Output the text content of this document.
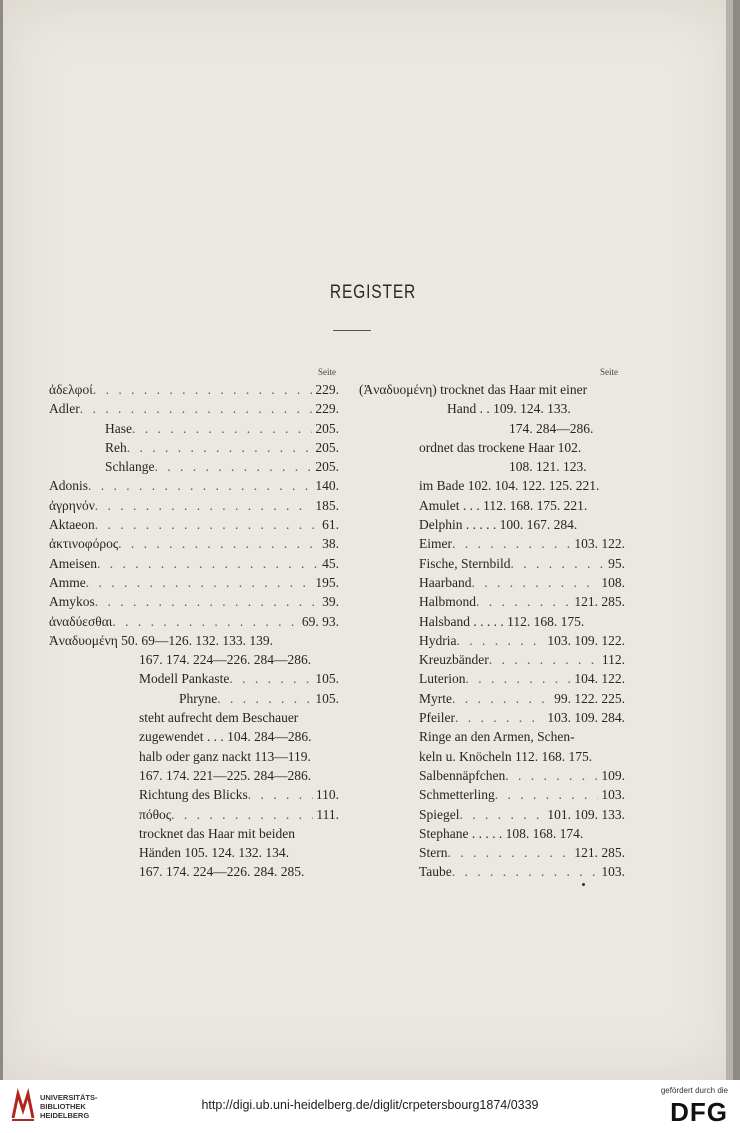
REGISTER
Seite	Seite
ἀδελφοί . . .	229.
Adler . . .	229.
Hase . . .	205.
Reh . . .	205.
Schlange . . .	205.
Adonis . . .	140.
ἀγρηνόν . . .	185.
Aktaeon . . .	61.
ἀκτινοφόρος . . .	38.
Ameisen . . .	45.
Amme . . .	195.
Amykos . . .	39.
ἀναδύεσθαι . . .	69. 93.
Ἀναδυομένη 50. 69—126. 132. 133. 139.
167. 174. 224—226. 284—286.
Modell Pankaste . . .	105.
Phryne . . .	105.
steht aufrecht dem Beschauer
zugewendet . . . 104. 284—286.
halb oder ganz nackt 113—119.
167. 174. 221—225. 284—286.
Richtung des Blicks . . .	110.
πόθος . . .	111.
trocknet das Haar mit beiden
Händen 105. 124. 132. 134.
167. 174. 224—226. 284. 285.
(Ἀναδυομένη) trocknet das Haar mit einer
Hand . . 109. 124. 133.
174. 284—286.
ordnet das trockene Haar 102.
108. 121. 123.
im Bade 102. 104. 122. 125. 221.
Amulet . . . 112. 168. 175. 221.
Delphin . . . . . 100. 167. 284.
Eimer . . .	103. 122.
Fische, Sternbild . . .	95.
Haarband . . .	108.
Halbmond . . .	121. 285.
Halsband . . . . . 112. 168. 175.
Hydria . . .	103. 109. 122.
Kreuzbänder . . .	112.
Luterion . . .	104. 122.
Myrte . . .	99. 122. 225.
Pfeiler . . .	103. 109. 284.
Ringe an den Armen, Schen-
keln u. Knöcheln 112. 168. 175.
Salbennäpfchen . . .	109.
Schmetterling . . .	103.
Spiegel . . .	101. 109. 133.
Stephane . . . . . 108. 168. 174.
Stern . . .	121. 285.
Taube . . .	103.
UNIVERSITÄTS-
BIBLIOTHEK
HEIDELBERG
http://digi.ub.uni-heidelberg.de/diglit/crpetersbourg1874/0339
gefördert durch die
DFG
